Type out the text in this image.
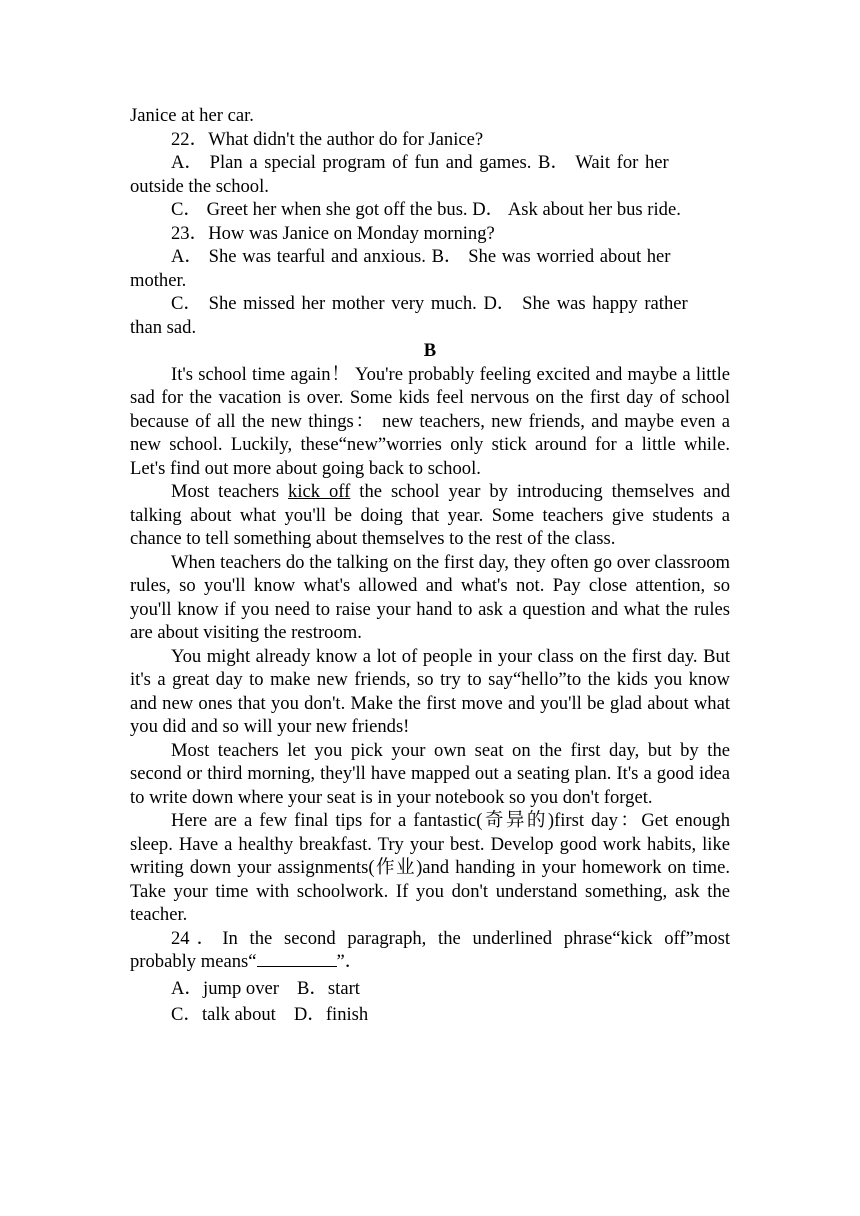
Janice at her car.

22．What didn't the author do for Janice?

A． Plan a special program of fun and games. B． Wait for her

outside the school.

C． Greet her when she got off the bus. D． Ask about her bus ride.

23．How was Janice on Monday morning?

A． She was tearful and anxious. B． She was worried about her

mother.

C． She missed her mother very much. D． She was happy rather

than sad.

B

It's school time again！ You're probably feeling excited and maybe a little sad for the vacation is over. Some kids feel nervous on the first day of school because of all the new things： new teachers, new friends, and maybe even a new school. Luckily, these“new”worries only stick around for a little while. Let's find out more about going back to school.

Most teachers kick off the school year by introducing themselves and talking about what you'll be doing that year. Some teachers give students a chance to tell something about themselves to the rest of the class.

When teachers do the talking on the first day, they often go over classroom rules, so you'll know what's allowed and what's not. Pay close attention, so you'll know if you need to raise your hand to ask a question and what the rules are about visiting the restroom.

You might already know a lot of people in your class on the first day. But it's a great day to make new friends, so try to say“hello”to the kids you know and new ones that you don't. Make the first move and you'll be glad about what you did and so will your new friends!

Most teachers let you pick your own seat on the first day, but by the second or third morning, they'll have mapped out a seating plan. It's a good idea to write down where your seat is in your notebook so you don't forget.

Here are a few final tips for a fantastic(奇异的)first day：Get enough sleep. Have a healthy breakfast. Try your best. Develop good work habits, like writing down your assignments(作业)and handing in your homework on time. Take your time with schoolwork. If you don't understand something, ask the teacher.

24．In the second paragraph, the underlined phrase“kick off”most probably means“	”．

A．jump over B．start

C．talk about D．finish
